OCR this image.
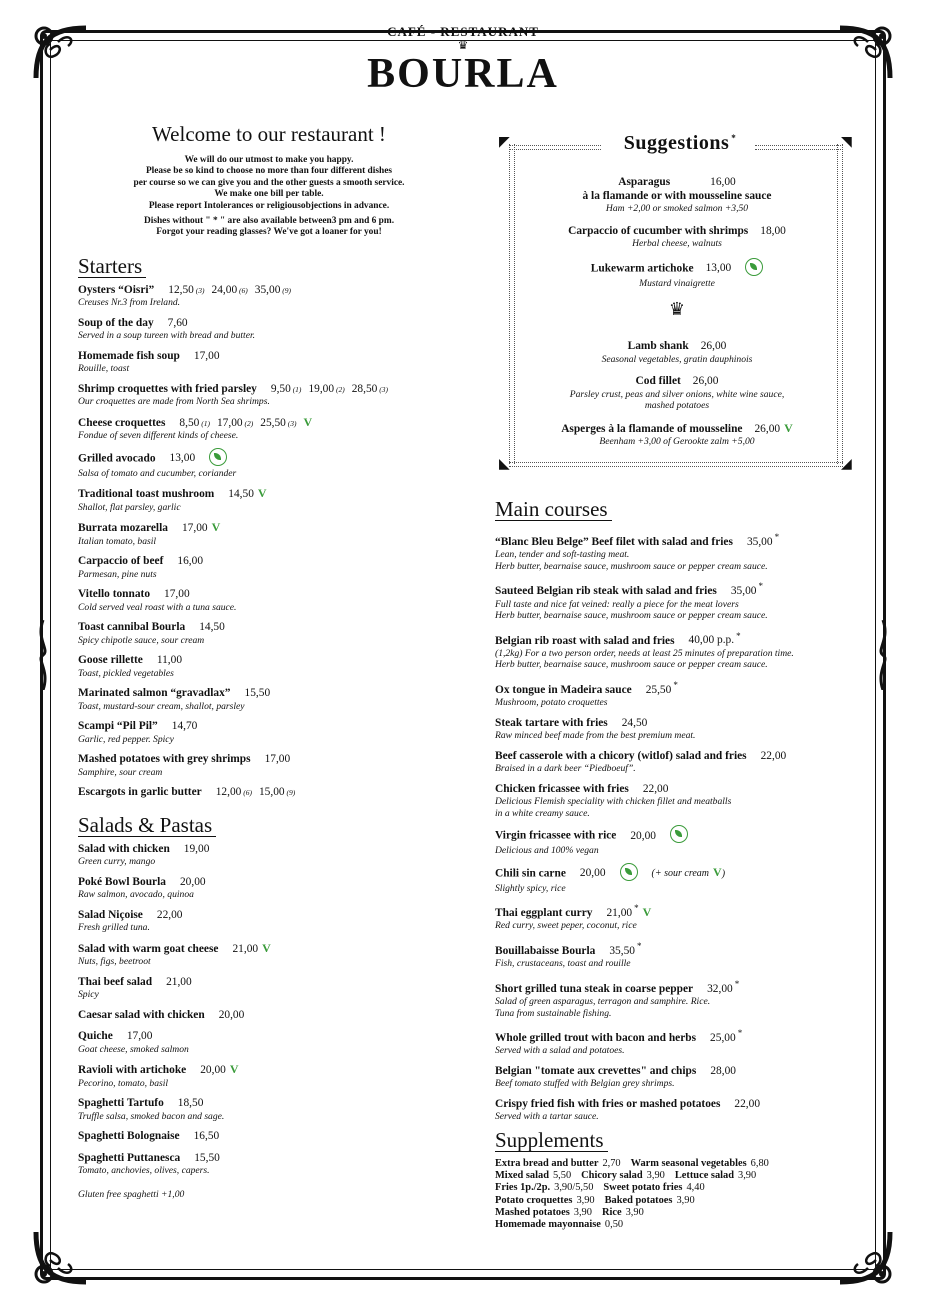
CAFÉ - RESTAURANT
♛
BOURLA
Welcome to our restaurant !
We will do our utmost to make you happy.
Please be so kind to choose no more than four different dishes
per course so we can give you and the other guests a smooth service.
We make one bill per table.
Please report Intolerances or religiousobjections in advance.
Dishes without " * " are also available between3 pm and 6 pm.
Forgot your reading glasses? We've got a loaner for you!
Starters
Oysters “Oisri” 12,50 (3) 24,00 (6) 35,00 (9)
Creuses Nr.3 from Ireland.
Soup of the day 7,60
Served in a soup tureen with bread and butter.
Homemade fish soup 17,00
Rouille, toast
Shrimp croquettes with fried parsley 9,50 (1) 19,00 (2) 28,50 (3)
Our croquettes are made from North Sea shrimps.
Cheese croquettes 8,50 (1) 17,00 (2) 25,50 (3) V
Fondue of seven different kinds of cheese.
Grilled avocado 13,00
Salsa of tomato and cucumber, coriander
Traditional toast mushroom 14,50 V
Shallot, flat parsley, garlic
Burrata mozarella 17,00 V
Italian tomato, basil
Carpaccio of beef 16,00
Parmesan, pine nuts
Vitello tonnato 17,00
Cold served veal roast with a tuna sauce.
Toast cannibal Bourla 14,50
Spicy chipotle sauce, sour cream
Goose rillette 11,00
Toast, pickled vegetables
Marinated salmon “gravadlax” 15,50
Toast, mustard-sour cream, shallot, parsley
Scampi “Pil Pil” 14,70
Garlic, red pepper. Spicy
Mashed potatoes with grey shrimps 17,00
Samphire, sour cream
Escargots in garlic butter 12,00 (6) 15,00 (9)
Salads & Pastas
Salad with chicken 19,00
Green curry, mango
Poké Bowl Bourla 20,00
Raw salmon, avocado, quinoa
Salad Niçoise 22,00
Fresh grilled tuna.
Salad with warm goat cheese 21,00 V
Nuts, figs, beetroot
Thai beef salad 21,00
Spicy
Caesar salad with chicken 20,00
Quiche 17,00
Goat cheese, smoked salmon
Ravioli with artichoke 20,00 V
Pecorino, tomato, basil
Spaghetti Tartufo 18,50
Truffle salsa, smoked bacon and sage.
Spaghetti Bolognaise 16,50
Spaghetti Puttanesca 15,50
Tomato, anchovies, olives, capers.
Gluten free spaghetti +1,00
◤	◥
◣	◢
Suggestions *
Asparagus	16,00
à la flamande or with mousseline sauce
Ham +2,00 or smoked salmon +3,50
Carpaccio of cucumber with shrimps 18,00
Herbal cheese, walnuts
Lukewarm artichoke 13,00
Mustard vinaigrette
♛
Lamb shank 26,00
Seasonal vegetables, gratin dauphinois
Cod fillet 26,00
Parsley crust, peas and silver onions, white wine sauce,
mashed potatoes
Asperges à la flamande of mousseline 26,00 V
Beenham +3,00 of Gerookte zalm +5,00
Main courses
“Blanc Bleu Belge” Beef filet with salad and fries 35,00 *
Lean, tender and soft-tasting meat.
Herb butter, bearnaise sauce, mushroom sauce or pepper cream sauce.
Sauteed Belgian rib steak with salad and fries 35,00 *
Full taste and nice fat veined: really a piece for the meat lovers
Herb butter, bearnaise sauce, mushroom sauce or pepper cream sauce.
Belgian rib roast with salad and fries 40,00 p.p. *
(1,2kg) For a two person order, needs at least 25 minutes of preparation time.
Herb butter, bearnaise sauce, mushroom sauce or pepper cream sauce.
Ox tongue in Madeira sauce 25,50 *
Mushroom, potato croquettes
Steak tartare with fries 24,50
Raw minced beef made from the best premium meat.
Beef casserole with a chicory (witlof) salad and fries 22,00
Braised in a dark beer “Piedboeuf”.
Chicken fricassee with fries 22,00
Delicious Flemish speciality with chicken fillet and meatballs
in a white creamy sauce.
Virgin fricassee with rice 20,00
Delicious and 100% vegan
Chili sin carne 20,00	(+ sour cream V)
Slightly spicy, rice
Thai eggplant curry 21,00 * V
Red curry, sweet peper, coconut, rice
Bouillabaisse Bourla 35,50 *
Fish, crustaceans, toast and rouille
Short grilled tuna steak in coarse pepper 32,00 *
Salad of green asparagus, terragon and samphire. Rice.
Tuna from sustainable fishing.
Whole grilled trout with bacon and herbs 25,00 *
Served with a salad and potatoes.
Belgian "tomate aux crevettes" and chips 28,00
Beef tomato stuffed with Belgian grey shrimps.
Crispy fried fish with fries or mashed potatoes 22,00
Served with a tartar sauce.
Supplements
Extra bread and butter 2,70 Warm seasonal vegetables 6,80
Mixed salad 5,50 Chicory salad 3,90 Lettuce salad 3,90
Fries 1p./2p. 3,90/5,50 Sweet potato fries 4,40
Potato croquettes 3,90 Baked potatoes 3,90
Mashed potatoes 3,90 Rice 3,90
Homemade mayonnaise 0,50
